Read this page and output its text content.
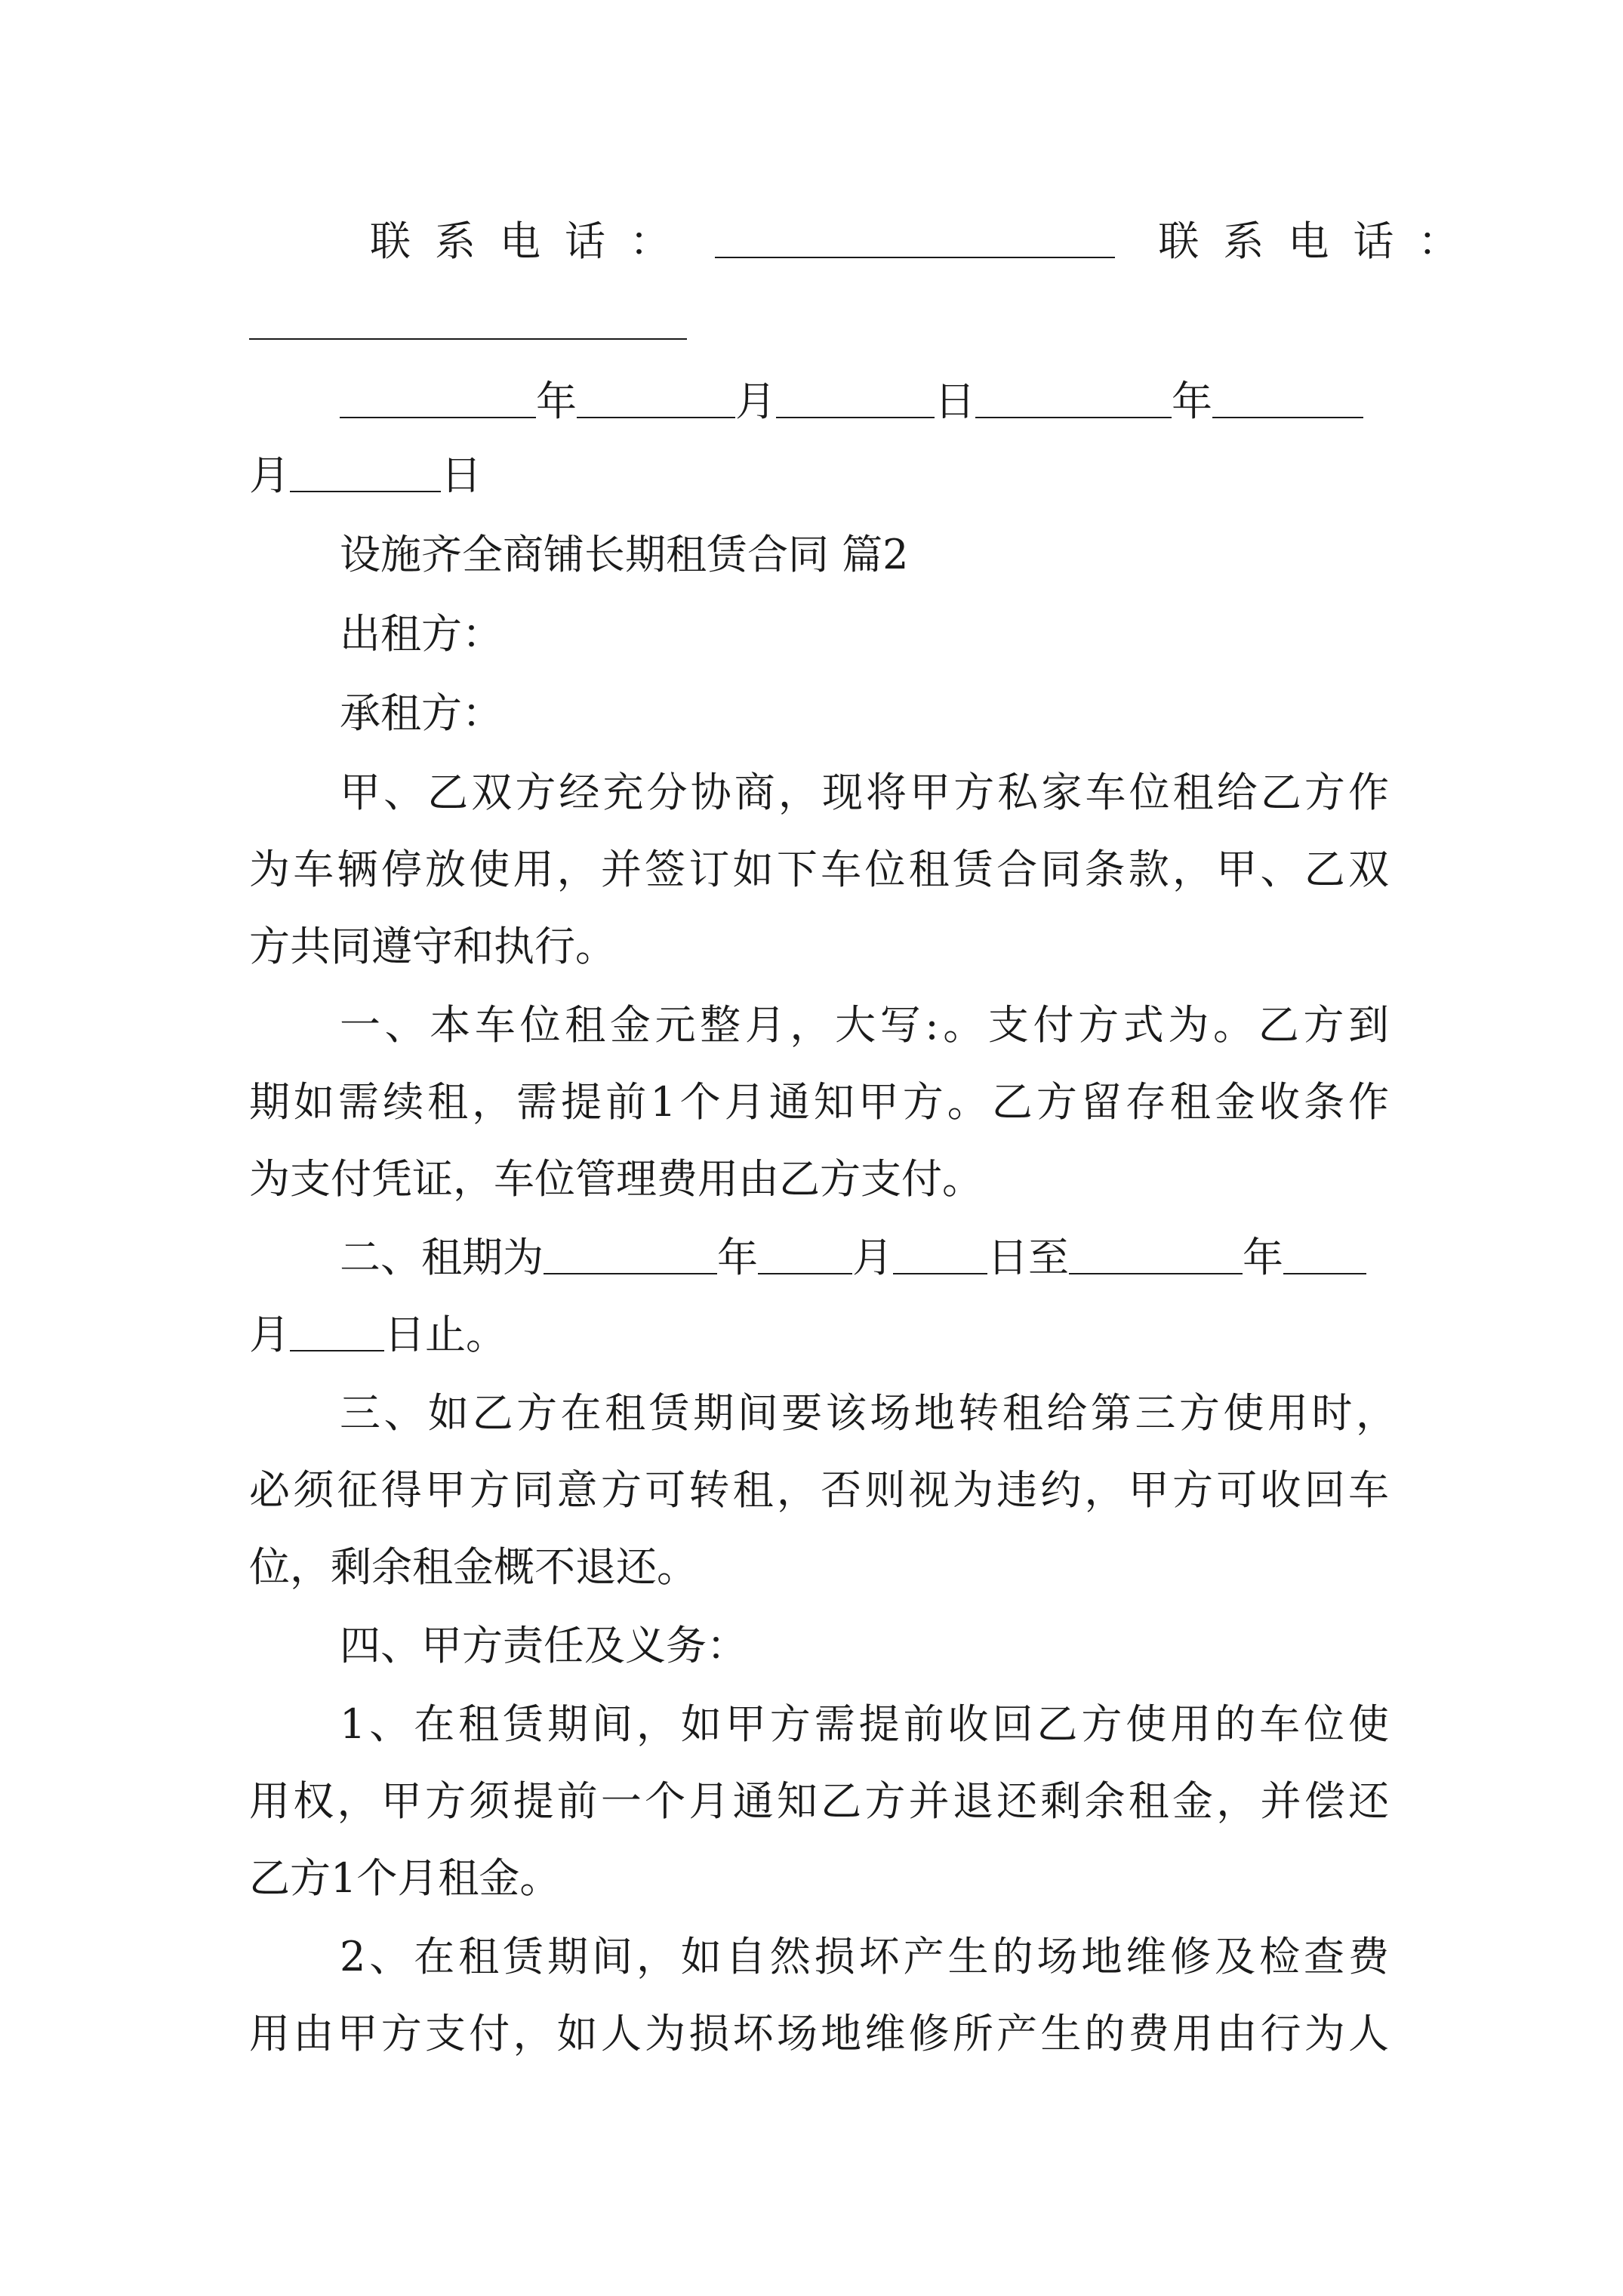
联系电话：	联系电话：
年	月	日	年
月	日
设施齐全商铺长期租赁合同 篇2
出租方：
承租方：
甲、乙双方经充分协商，现将甲方私家车位租给乙方作
为车辆停放使用，并签订如下车位租赁合同条款，甲、乙双
方共同遵守和执行。
一、本车位租金元整月，大写:。支付方式为。乙方到
期如需续租，需提前1个月通知甲方。乙方留存租金收条作
为支付凭证，车位管理费用由乙方支付。
二、租期为	年 月 日至	年
月 日止。
三、如乙方在租赁期间要该场地转租给第三方使用时，
必须征得甲方同意方可转租，否则视为违约，甲方可收回车
位，剩余租金概不退还。
四、甲方责任及义务：
1、在租赁期间，如甲方需提前收回乙方使用的车位使
用权，甲方须提前一个月通知乙方并退还剩余租金，并偿还
乙方1个月租金。
2、在租赁期间，如自然损坏产生的场地维修及检查费
用由甲方支付，如人为损坏场地维修所产生的费用由行为人
